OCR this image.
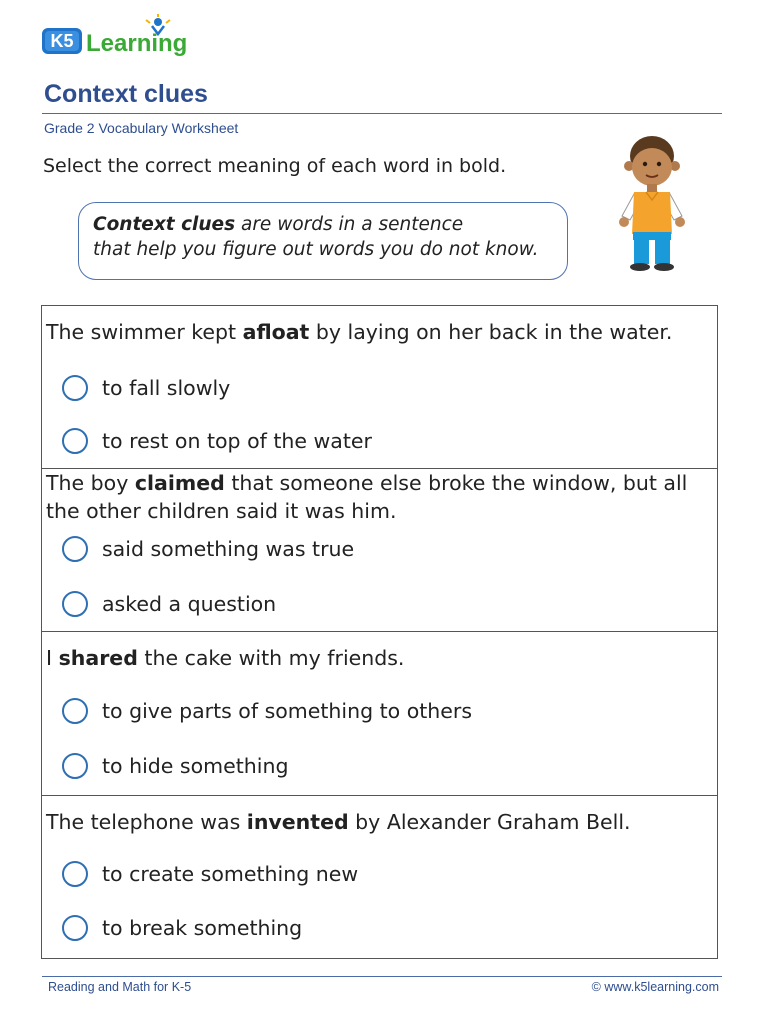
K5 Learning
Context clues
Grade 2 Vocabulary Worksheet
Select the correct meaning of each word in bold.
Context clues are words in a sentence
that help you figure out words you do not know.
The swimmer kept afloat by laying on her back in the water.
to fall slowly
to rest on top of the water
The boy claimed that someone else broke the window, but all the other children said it was him.
said something was true
asked a question
I shared the cake with my friends.
to give parts of something to others
to hide something
The telephone was invented by Alexander Graham Bell.
to create something new
to break something
Reading and Math for K-5	© www.k5learning.com
